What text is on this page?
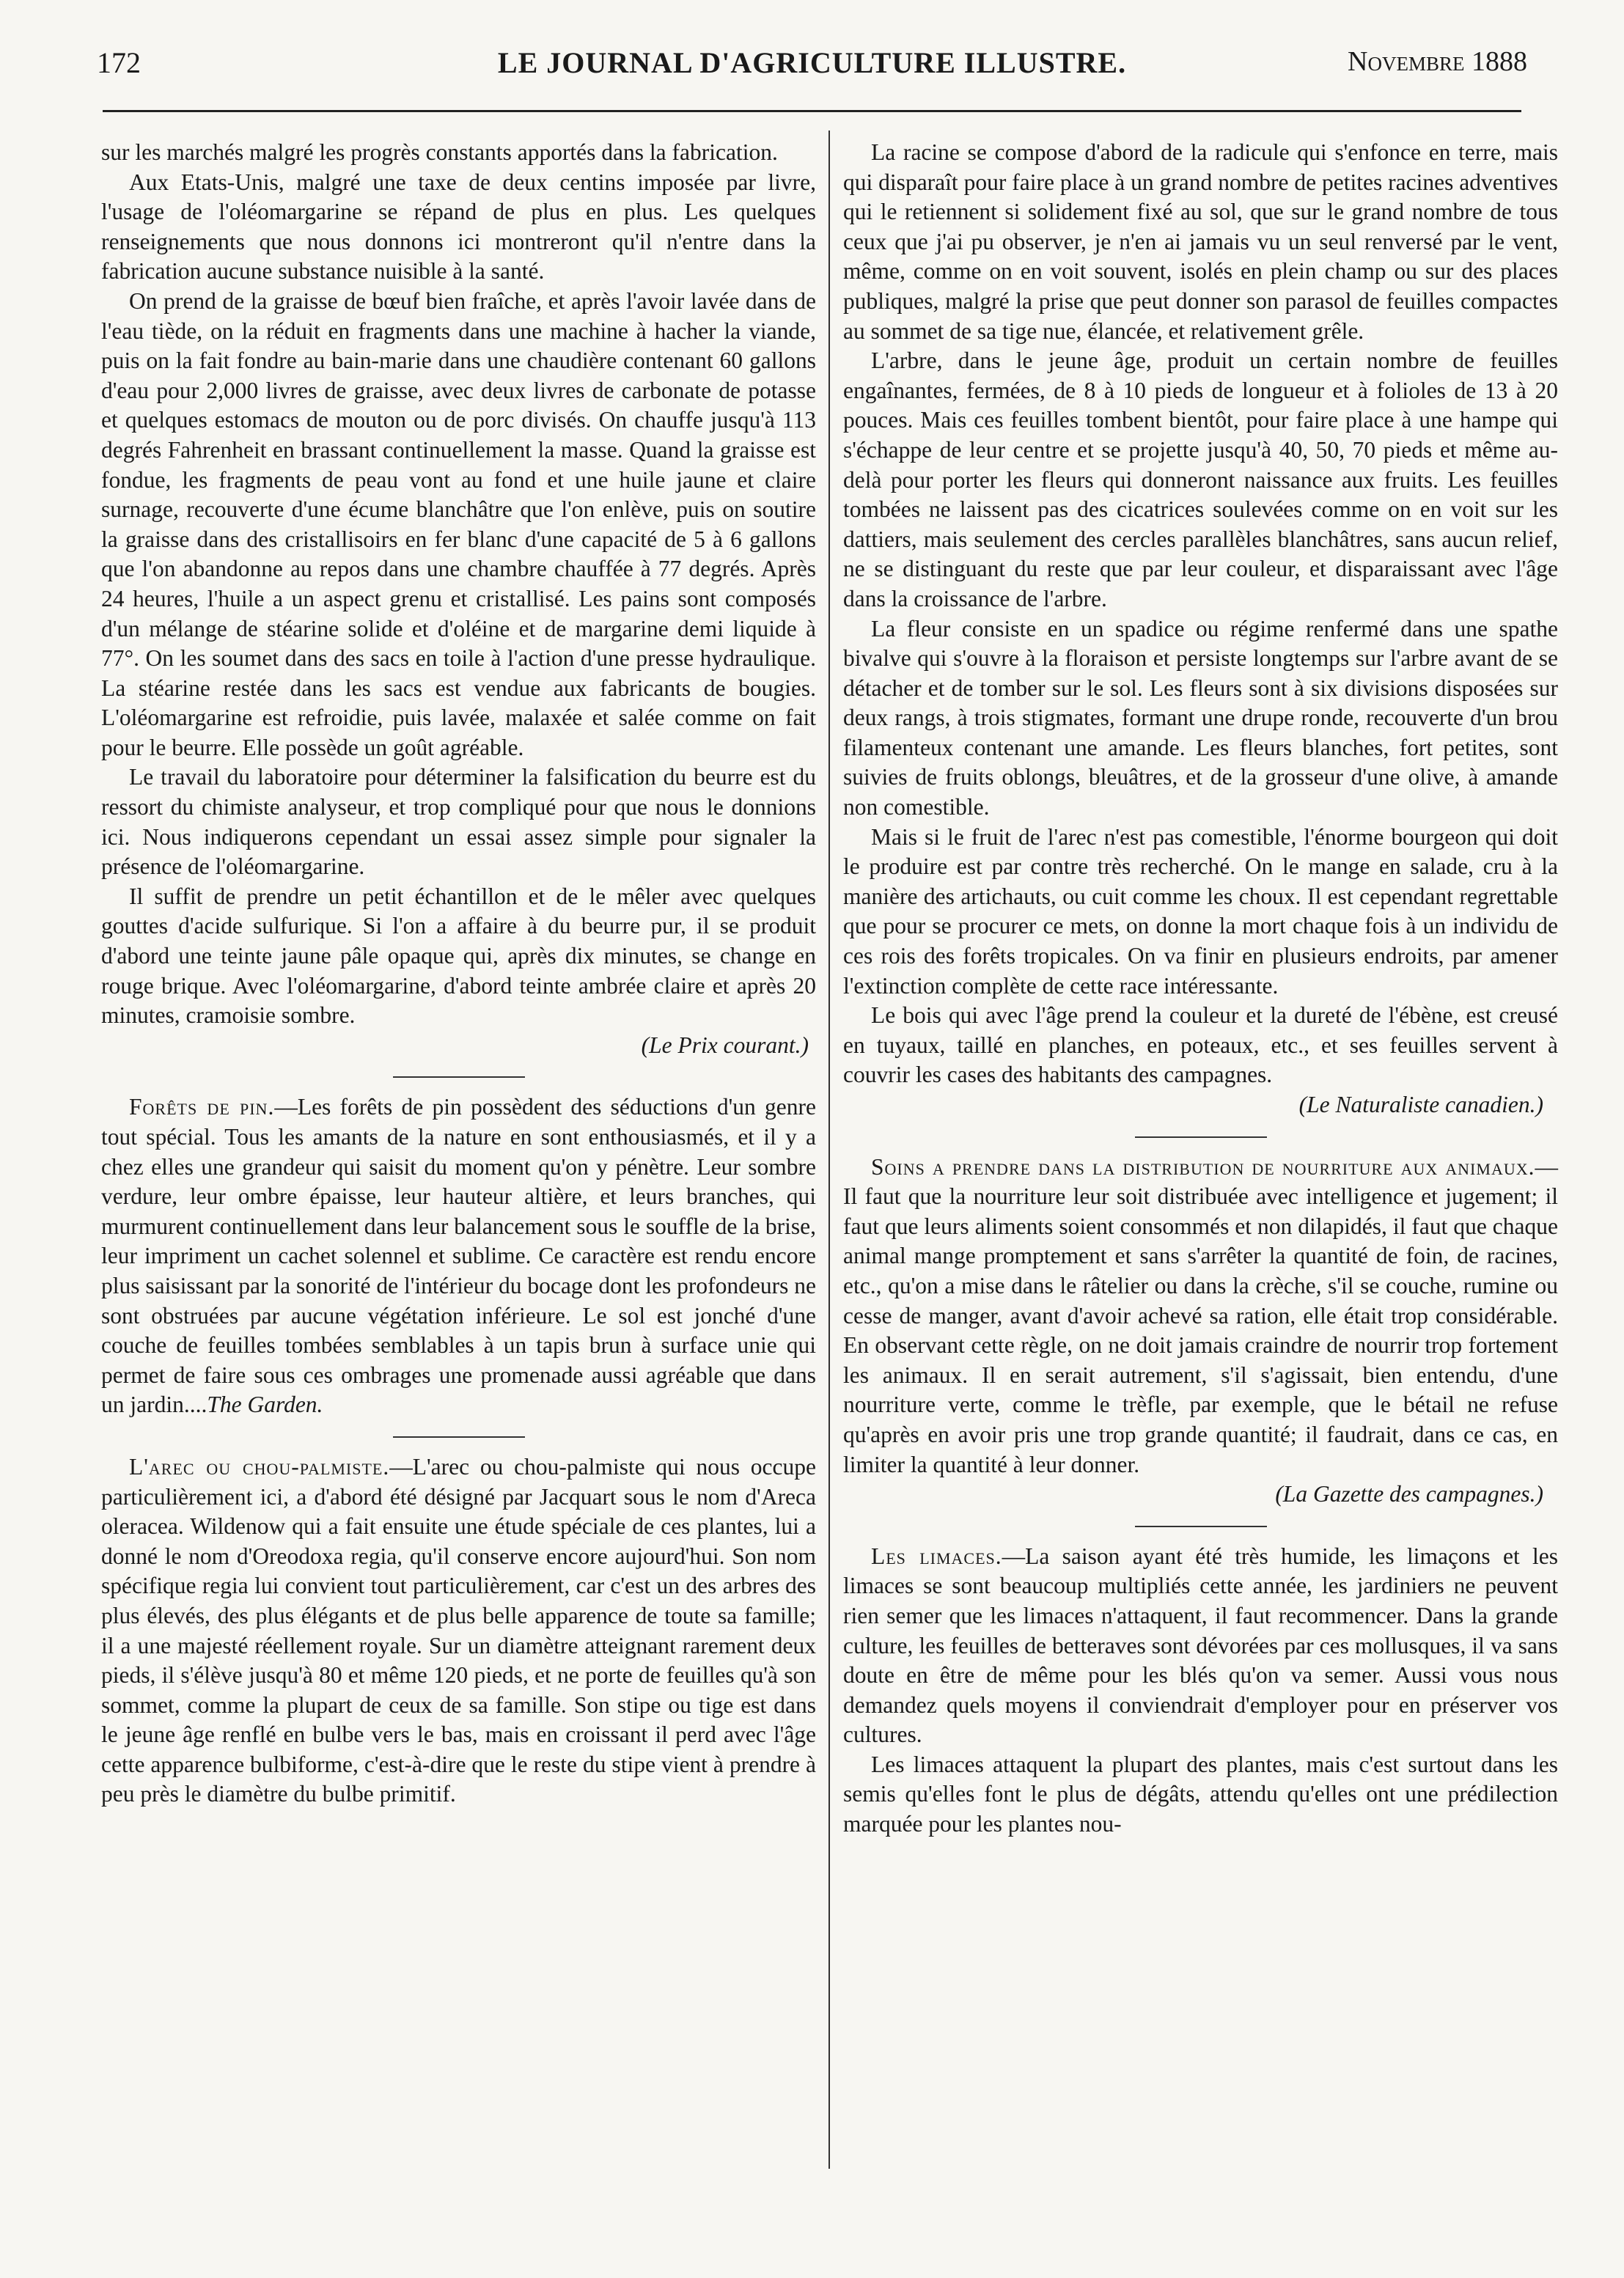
172	LE JOURNAL D'AGRICULTURE ILLUSTRE.	Novembre 1888

sur les marchés malgré les progrès constants apportés dans la fabrication.

Aux Etats-Unis, malgré une taxe de deux centins imposée par livre, l'usage de l'oléomargarine se répand de plus en plus. Les quelques renseignements que nous donnons ici montreront qu'il n'entre dans la fabrication aucune substance nuisible à la santé.

On prend de la graisse de bœuf bien fraîche, et après l'avoir lavée dans de l'eau tiède, on la réduit en fragments dans une machine à hacher la viande, puis on la fait fondre au bain-marie dans une chaudière contenant 60 gallons d'eau pour 2,000 livres de graisse, avec deux livres de carbonate de potasse et quelques estomacs de mouton ou de porc divisés. On chauffe jusqu'à 113 degrés Fahrenheit en brassant continuellement la masse. Quand la graisse est fondue, les fragments de peau vont au fond et une huile jaune et claire surnage, recouverte d'une écume blanchâtre que l'on enlève, puis on soutire la graisse dans des cristallisoirs en fer blanc d'une capacité de 5 à 6 gallons que l'on abandonne au repos dans une chambre chauffée à 77 degrés. Après 24 heures, l'huile a un aspect grenu et cristallisé. Les pains sont composés d'un mélange de stéarine solide et d'oléine et de margarine demi liquide à 77°. On les soumet dans des sacs en toile à l'action d'une presse hydraulique. La stéarine restée dans les sacs est vendue aux fabricants de bougies. L'oléomargarine est refroidie, puis lavée, malaxée et salée comme on fait pour le beurre. Elle possède un goût agréable.

Le travail du laboratoire pour déterminer la falsification du beurre est du ressort du chimiste analyseur, et trop compliqué pour que nous le donnions ici. Nous indiquerons cependant un essai assez simple pour signaler la présence de l'oléomargarine.

Il suffit de prendre un petit échantillon et de le mêler avec quelques gouttes d'acide sulfurique. Si l'on a affaire à du beurre pur, il se produit d'abord une teinte jaune pâle opaque qui, après dix minutes, se change en rouge brique. Avec l'oléomargarine, d'abord teinte ambrée claire et après 20 minutes, cramoisie sombre.

(Le Prix courant.)

Forêts de pin.—Les forêts de pin possèdent des séductions d'un genre tout spécial. Tous les amants de la nature en sont enthousiasmés, et il y a chez elles une grandeur qui saisit du moment qu'on y pénètre. Leur sombre verdure, leur ombre épaisse, leur hauteur altière, et leurs branches, qui murmurent continuellement dans leur balancement sous le souffle de la brise, leur impriment un cachet solennel et sublime. Ce caractère est rendu encore plus saisissant par la sonorité de l'intérieur du bocage dont les profondeurs ne sont obstruées par aucune végétation inférieure. Le sol est jonché d'une couche de feuilles tombées semblables à un tapis brun à surface unie qui permet de faire sous ces ombrages une promenade aussi agréable que dans un jardin....The Garden.

L'arec ou chou-palmiste.—L'arec ou chou-palmiste qui nous occupe particulièrement ici, a d'abord été désigné par Jacquart sous le nom d'Areca oleracea. Wildenow qui a fait ensuite une étude spéciale de ces plantes, lui a donné le nom d'Oreodoxa regia, qu'il conserve encore aujourd'hui. Son nom spécifique regia lui convient tout particulièrement, car c'est un des arbres des plus élevés, des plus élégants et de plus belle apparence de toute sa famille; il a une majesté réellement royale. Sur un diamètre atteignant rarement deux pieds, il s'élève jusqu'à 80 et même 120 pieds, et ne porte de feuilles qu'à son sommet, comme la plupart de ceux de sa famille. Son stipe ou tige est dans le jeune âge renflé en bulbe vers le bas, mais en croissant il perd avec l'âge cette apparence bulbiforme, c'est-à-dire que le reste du stipe vient à prendre à peu près le diamètre du bulbe primitif.

La racine se compose d'abord de la radicule qui s'enfonce en terre, mais qui disparaît pour faire place à un grand nombre de petites racines adventives qui le retiennent si solidement fixé au sol, que sur le grand nombre de tous ceux que j'ai pu observer, je n'en ai jamais vu un seul renversé par le vent, même, comme on en voit souvent, isolés en plein champ ou sur des places publiques, malgré la prise que peut donner son parasol de feuilles compactes au sommet de sa tige nue, élancée, et relativement grêle.

L'arbre, dans le jeune âge, produit un certain nombre de feuilles engaînantes, fermées, de 8 à 10 pieds de longueur et à folioles de 13 à 20 pouces. Mais ces feuilles tombent bientôt, pour faire place à une hampe qui s'échappe de leur centre et se projette jusqu'à 40, 50, 70 pieds et même au-delà pour porter les fleurs qui donneront naissance aux fruits. Les feuilles tombées ne laissent pas des cicatrices soulevées comme on en voit sur les dattiers, mais seulement des cercles parallèles blanchâtres, sans aucun relief, ne se distinguant du reste que par leur couleur, et disparaissant avec l'âge dans la croissance de l'arbre.

La fleur consiste en un spadice ou régime renfermé dans une spathe bivalve qui s'ouvre à la floraison et persiste longtemps sur l'arbre avant de se détacher et de tomber sur le sol. Les fleurs sont à six divisions disposées sur deux rangs, à trois stigmates, formant une drupe ronde, recouverte d'un brou filamenteux contenant une amande. Les fleurs blanches, fort petites, sont suivies de fruits oblongs, bleuâtres, et de la grosseur d'une olive, à amande non comestible.

Mais si le fruit de l'arec n'est pas comestible, l'énorme bourgeon qui doit le produire est par contre très recherché. On le mange en salade, cru à la manière des artichauts, ou cuit comme les choux. Il est cependant regrettable que pour se procurer ce mets, on donne la mort chaque fois à un individu de ces rois des forêts tropicales. On va finir en plusieurs endroits, par amener l'extinction complète de cette race intéressante.

Le bois qui avec l'âge prend la couleur et la dureté de l'ébène, est creusé en tuyaux, taillé en planches, en poteaux, etc., et ses feuilles servent à couvrir les cases des habitants des campagnes.

(Le Naturaliste canadien.)

Soins a prendre dans la distribution de nourriture aux animaux.—Il faut que la nourriture leur soit distribuée avec intelligence et jugement; il faut que leurs aliments soient consommés et non dilapidés, il faut que chaque animal mange promptement et sans s'arrêter la quantité de foin, de racines, etc., qu'on a mise dans le râtelier ou dans la crèche, s'il se couche, rumine ou cesse de manger, avant d'avoir achevé sa ration, elle était trop considérable. En observant cette règle, on ne doit jamais craindre de nourrir trop fortement les animaux. Il en serait autrement, s'il s'agissait, bien entendu, d'une nourriture verte, comme le trèfle, par exemple, que le bétail ne refuse qu'après en avoir pris une trop grande quantité; il faudrait, dans ce cas, en limiter la quantité à leur donner.

(La Gazette des campagnes.)

Les limaces.—La saison ayant été très humide, les limaçons et les limaces se sont beaucoup multipliés cette année, les jardiniers ne peuvent rien semer que les limaces n'attaquent, il faut recommencer. Dans la grande culture, les feuilles de betteraves sont dévorées par ces mollusques, il va sans doute en être de même pour les blés qu'on va semer. Aussi vous nous demandez quels moyens il conviendrait d'employer pour en préserver vos cultures.

Les limaces attaquent la plupart des plantes, mais c'est surtout dans les semis qu'elles font le plus de dégâts, attendu qu'elles ont une prédilection marquée pour les plantes nou-
